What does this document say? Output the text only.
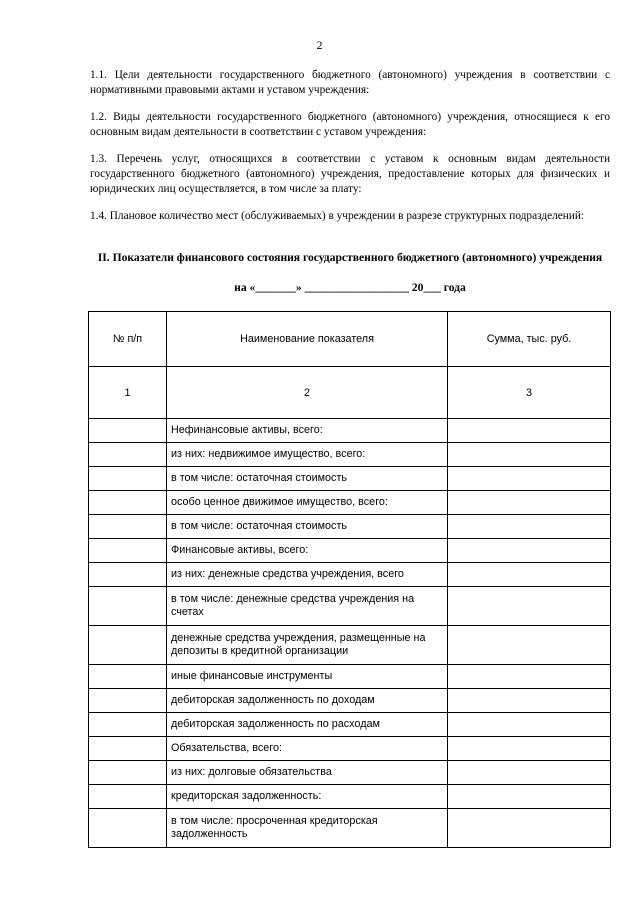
2
1.1. Цели деятельности государственного бюджетного (автономного) учреждения в соответствии с нормативными правовыми актами и уставом учреждения:
1.2. Виды деятельности государственного бюджетного (автономного) учреждения, относящиеся к его основным видам деятельности в соответствии с уставом учреждения:
1.3. Перечень услуг, относящихся в соответствии с уставом к основным видам деятельности государственного бюджетного (автономного) учреждения, предоставление которых для физических и юридических лиц осуществляется, в том числе за плату:
1.4. Плановое количество мест (обслуживаемых) в учреждении в разрезе структурных подразделений:
II. Показатели финансового состояния государственного бюджетного (автономного) учреждения
на «_______» __________________ 20___ года
№ п/п	Наименование показателя	Сумма, тыс. руб.
1	2	3
	Нефинансовые активы, всего:	
	из них: недвижимое имущество, всего:	
	в том числе: остаточная стоимость	
	особо ценное движимое имущество, всего:	
	в том числе: остаточная стоимость	
	Финансовые активы, всего:	
	из них: денежные средства учреждения, всего	
	в том числе: денежные средства учреждения на счетах	
	денежные средства учреждения, размещенные на депозиты в кредитной организации	
	иные финансовые инструменты	
	дебиторская задолженность по доходам	
	дебиторская задолженность по расходам	
	Обязательства, всего:	
	из них: долговые обязательства	
	кредиторская задолженность:	
	в том числе: просроченная кредиторская задолженность	
